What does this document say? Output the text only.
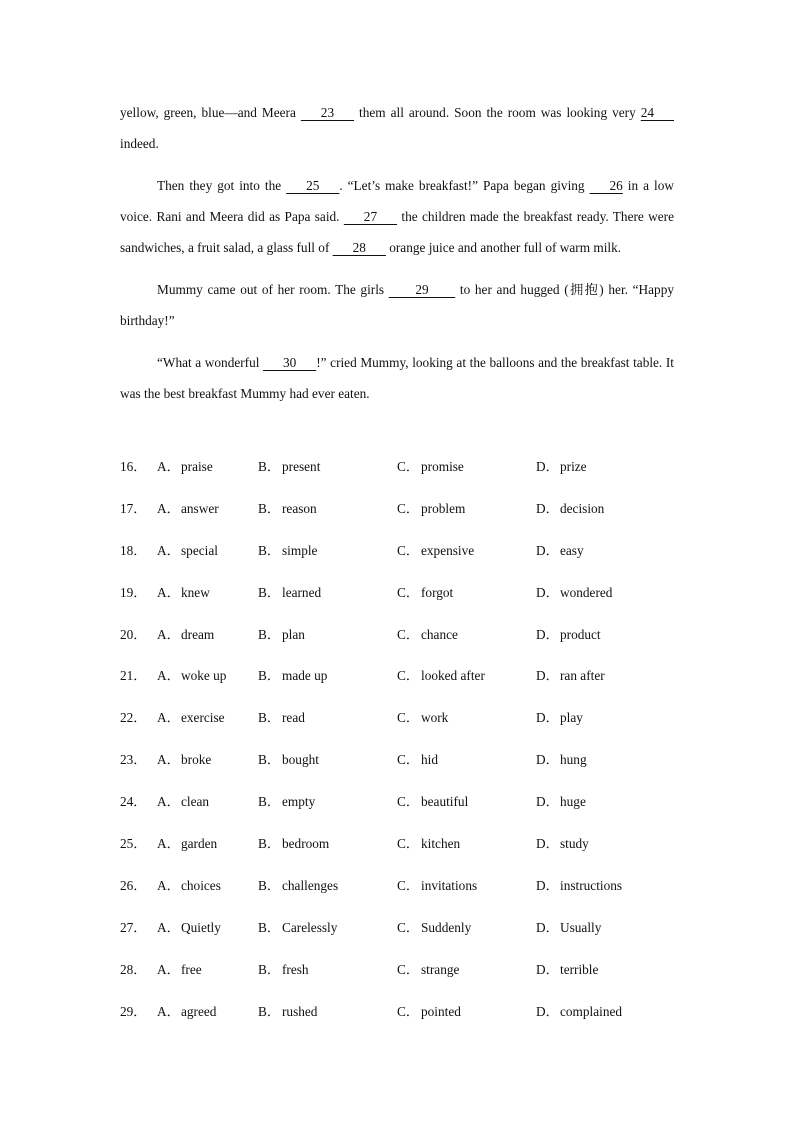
yellow, green, blue—and Meera       23       them all around. Soon the room was looking very 24       indeed.

Then they got into the       25      . “Let’s make breakfast!” Papa began giving       26 in a low voice. Rani and Meera did as Papa said.       27       the children made the breakfast ready. There were sandwiches, a fruit salad, a glass full of       28       orange juice and another full of warm milk.

Mummy came out of her room. The girls         29         to her and hugged (拥抱) her. “Happy birthday!”

“What a wonderful       30      !” cried Mummy, looking at the balloons and the breakfast table. It was the best breakfast Mummy had ever eaten.

16． A．praise	B． present	C． promise	D．prize
17． A．answer	B． reason	C． problem	D．decision
18． A．special	B． simple	C． expensive	D．easy
19． A．knew	B． learned	C． forgot	D．wondered
20． A．dream	B． plan	C． chance	D．product
21． A．woke up B． made up	C． looked after	D．ran after
22． A．exercise	B． read	C． work	D．play
23． A．broke	B． bought	C． hid	D．hung
24． A．clean	B． empty	C． beautiful	D．huge
25． A．garden	B． bedroom	C． kitchen	D．study
26． A．choices	B． challenges	C． invitations	D．instructions
27． A．Quietly	B． Carelessly	C． Suddenly	D．Usually
28． A．free	B． fresh	C． strange	D．terrible
29． A．agreed	B． rushed	C． pointed	D．complained
